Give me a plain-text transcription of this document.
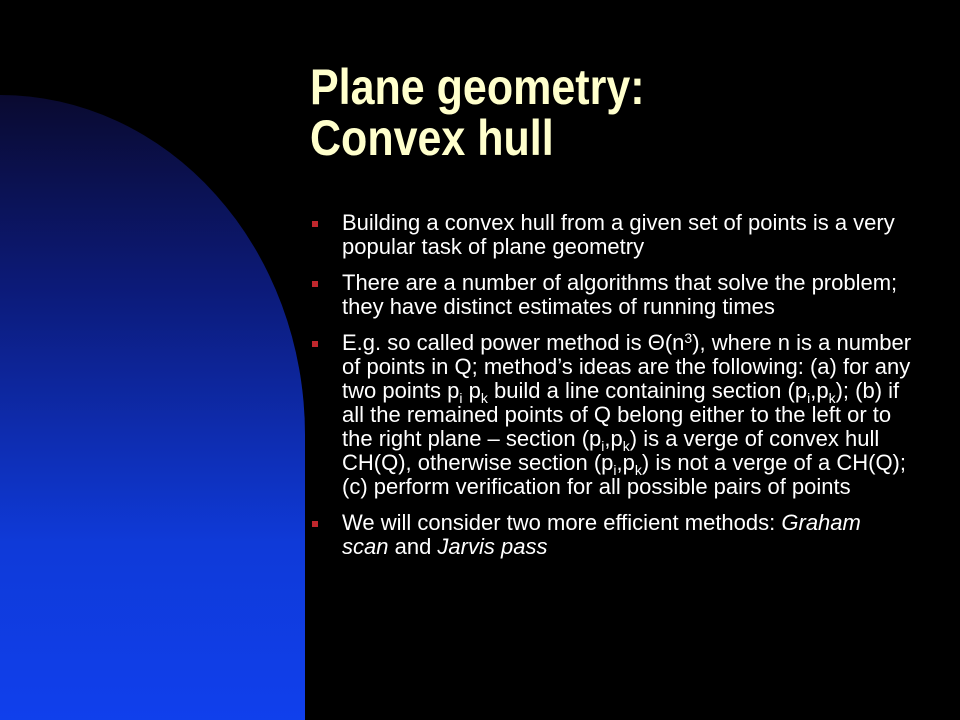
Plane geometry:
Convex hull
Building a convex hull from a given set of points is a very popular task of plane geometry
There are a number of algorithms that solve the problem; they have distinct estimates of running times
E.g. so called power method is $\Theta(n^3)$, where n is a number of points in Q; method’s ideas are the following: (a) for any two points $p_i$ $p_k$ build a line containing section $(p_i,p_k)$; (b) if all the remained points of Q belong either to the left or to the right plane – section $(p_i,p_k)$ is a verge of convex hull CH(Q), otherwise section $(p_i,p_k)$ is not a verge of a CH(Q); (c) perform verification for all possible pairs of points
We will consider two more efficient methods: Graham scan and Jarvis pass
